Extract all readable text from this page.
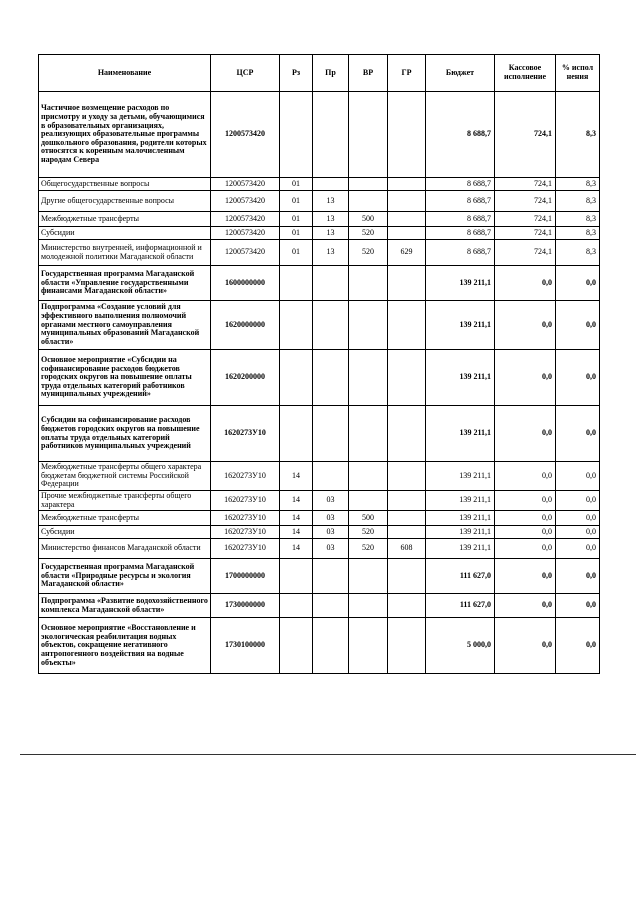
Наименование	ЦСР	Рз	Пр	ВР	ГР	Бюджет	Кассовое исполнение	% испол нения
Частичное возмещение расходов по присмотру и уходу за детьми, обучающимися в образовательных организациях, реализующих образовательные программы дошкольного образования, родители которых относятся к коренным малочисленным народам Севера	1200573420					8 688,7	724,1	8,3
Общегосударственные вопросы	1200573420	01				8 688,7	724,1	8,3
Другие общегосударственные вопросы	1200573420	01	13			8 688,7	724,1	8,3
Межбюджетные трансферты	1200573420	01	13	500		8 688,7	724,1	8,3
Субсидии	1200573420	01	13	520		8 688,7	724,1	8,3
Министерство внутренней, информационной и молодежной политики Магаданской области	1200573420	01	13	520	629	8 688,7	724,1	8,3
Государственная программа Магаданской области «Управление государственными финансами Магаданской области»	1600000000					139 211,1	0,0	0,0
Подпрограмма «Создание условий для эффективного выполнения полномочий органами местного самоуправления муниципальных образований Магаданской области»	1620000000					139 211,1	0,0	0,0
Основное мероприятие «Субсидии на софинансирование расходов бюджетов городских округов на повышение оплаты труда отдельных категорий работников муниципальных учреждений»	1620200000					139 211,1	0,0	0,0
Субсидии на софинансирование расходов бюджетов городских округов на повышение оплаты труда отдельных категорий работников муниципальных учреждений	1620273У10					139 211,1	0,0	0,0
Межбюджетные трансферты общего характера бюджетам бюджетной системы Российской Федерации	1620273У10	14				139 211,1	0,0	0,0
Прочие межбюджетные трансферты общего характера	1620273У10	14	03			139 211,1	0,0	0,0
Межбюджетные трансферты	1620273У10	14	03	500		139 211,1	0,0	0,0
Субсидии	1620273У10	14	03	520		139 211,1	0,0	0,0
Министерство финансов Магаданской области	1620273У10	14	03	520	608	139 211,1	0,0	0,0
Государственная программа Магаданской области «Природные ресурсы и экология Магаданской области»	1700000000					111 627,0	0,0	0,0
Подпрограмма «Развитие водохозяйственного комплекса Магаданской области»	1730000000					111 627,0	0,0	0,0
Основное мероприятие «Восстановление и экологическая реабилитация водных объектов, сокращение негативного антропогенного воздействия на водные объекты»	1730100000					5 000,0	0,0	0,0
